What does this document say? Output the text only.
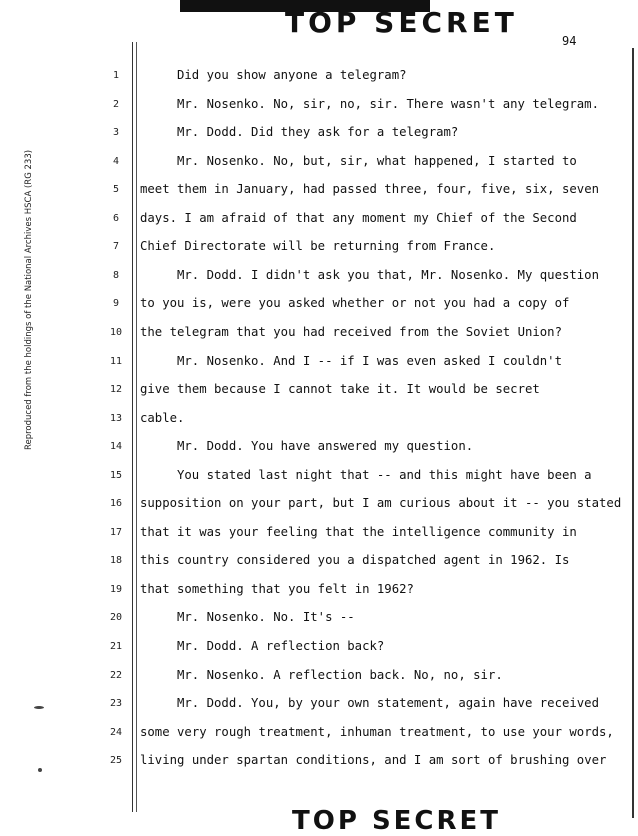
TOP SECRET
94
Reproduced from the holdings of the National Archives HSCA (RG 233)
1	Did you show anyone a telegram?
2	Mr. Nosenko. No, sir, no, sir. There wasn't any telegram.
3	Mr. Dodd. Did they ask for a telegram?
4	Mr. Nosenko. No, but, sir, what happened, I started to
5	meet them in January, had passed three, four, five, six, seven
6	days. I am afraid of that any moment my Chief of the Second
7	Chief Directorate will be returning from France.
8	Mr. Dodd. I didn't ask you that, Mr. Nosenko. My question
9	to you is, were you asked whether or not you had a copy of
10 the telegram that you had received from the Soviet Union?
11	Mr. Nosenko. And I -- if I was even asked I couldn't
12 give them because I cannot take it. It would be secret
13 cable.
14	Mr. Dodd. You have answered my question.
15	You stated last night that -- and this might have been a
16 supposition on your part, but I am curious about it -- you stated
17 that it was your feeling that the intelligence community in
18 this country considered you a dispatched agent in 1962. Is
19 that something that you felt in 1962?
20	Mr. Nosenko. No. It's --
21	Mr. Dodd. A reflection back?
22	Mr. Nosenko. A reflection back. No, no, sir.
23	Mr. Dodd. You, by your own statement, again have received
24 some very rough treatment, inhuman treatment, to use your words,
25 living under spartan conditions, and I am sort of brushing over
TOP SECRET
